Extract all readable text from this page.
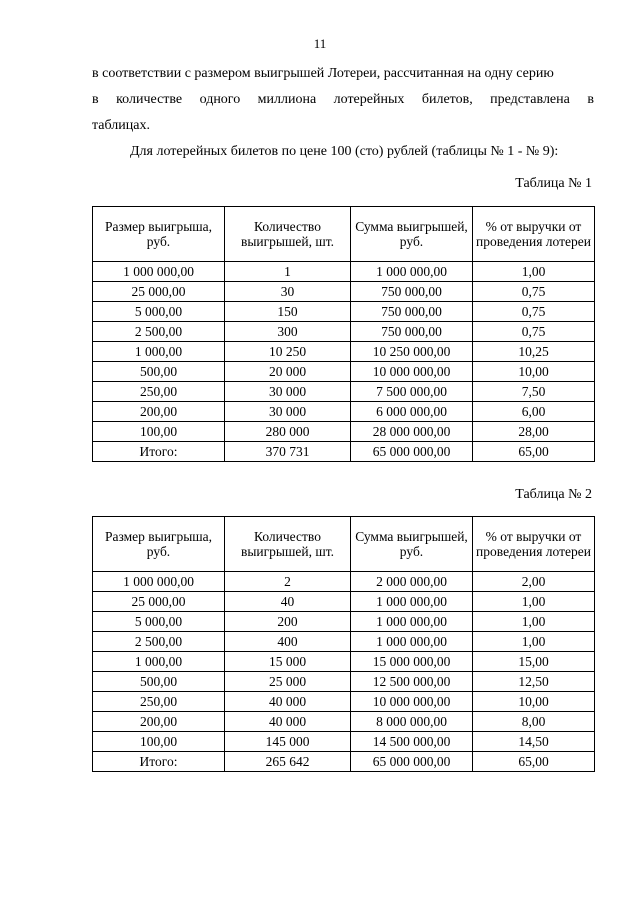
11
в соответствии с размером выигрышей Лотереи, рассчитанная на одну серию
в количестве одного миллиона лотерейных билетов, представлена в
таблицах.
Для лотерейных билетов по цене 100 (сто) рублей (таблицы № 1 - № 9):
Таблица № 1
Размер выигрыша, руб.	Количество выигрышей, шт.	Сумма выигрышей, руб.	% от выручки от проведения лотереи
1 000 000,00	1	1 000 000,00	1,00
25 000,00	30	750 000,00	0,75
5 000,00	150	750 000,00	0,75
2 500,00	300	750 000,00	0,75
1 000,00	10 250	10 250 000,00	10,25
500,00	20 000	10 000 000,00	10,00
250,00	30 000	7 500 000,00	7,50
200,00	30 000	6 000 000,00	6,00
100,00	280 000	28 000 000,00	28,00
Итого:	370 731	65 000 000,00	65,00
Таблица № 2
Размер выигрыша, руб.	Количество выигрышей, шт.	Сумма выигрышей, руб.	% от выручки от проведения лотереи
1 000 000,00	2	2 000 000,00	2,00
25 000,00	40	1 000 000,00	1,00
5 000,00	200	1 000 000,00	1,00
2 500,00	400	1 000 000,00	1,00
1 000,00	15 000	15 000 000,00	15,00
500,00	25 000	12 500 000,00	12,50
250,00	40 000	10 000 000,00	10,00
200,00	40 000	8 000 000,00	8,00
100,00	145 000	14 500 000,00	14,50
Итого:	265 642	65 000 000,00	65,00
